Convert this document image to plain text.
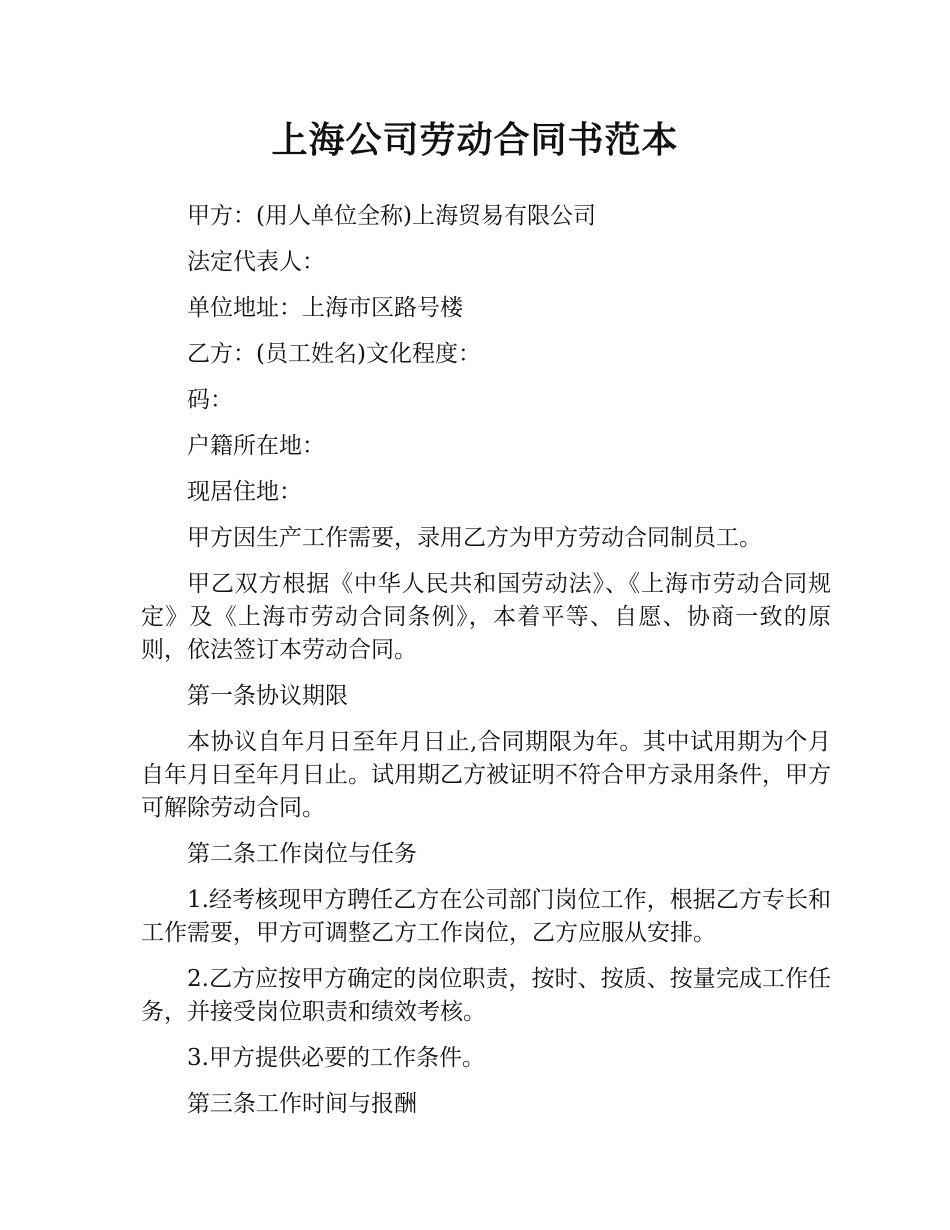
上海公司劳动合同书范本

甲方：(用人单位全称)上海贸易有限公司

法定代表人：

单位地址：上海市区路号楼

乙方：(员工姓名)文化程度：

码：

户籍所在地：

现居住地：

甲方因生产工作需要，录用乙方为甲方劳动合同制员工。

甲乙双方根据《中华人民共和国劳动法》、《上海市劳动合同规定》及《上海市劳动合同条例》，本着平等、自愿、协商一致的原则，依法签订本劳动合同。

第一条协议期限

本协议自年月日至年月日止,合同期限为年。其中试用期为个月自年月日至年月日止。试用期乙方被证明不符合甲方录用条件，甲方可解除劳动合同。

第二条工作岗位与任务

1.经考核现甲方聘任乙方在公司部门岗位工作，根据乙方专长和工作需要，甲方可调整乙方工作岗位，乙方应服从安排。

2.乙方应按甲方确定的岗位职责，按时、按质、按量完成工作任务，并接受岗位职责和绩效考核。

3.甲方提供必要的工作条件。

第三条工作时间与报酬
